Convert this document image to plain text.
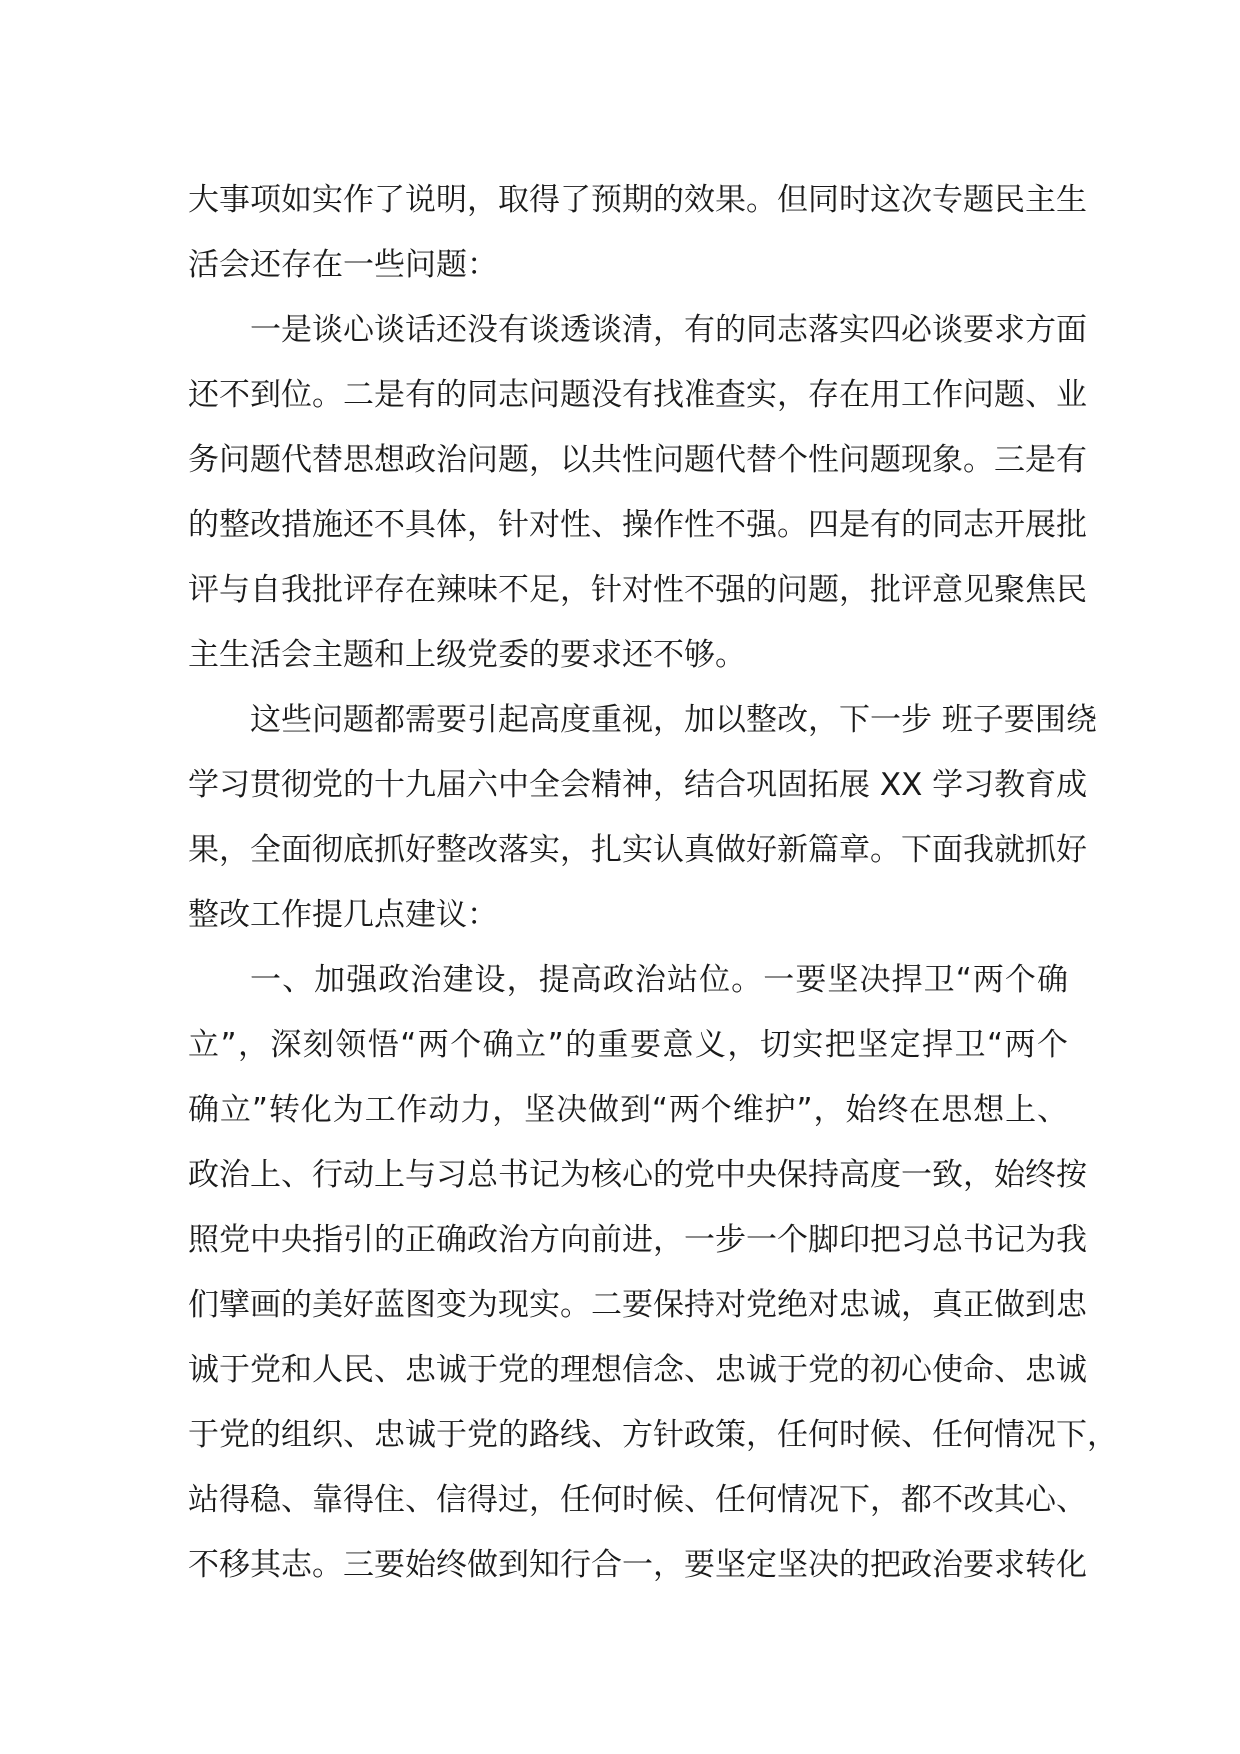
大事项如实作了说明，取得了预期的效果。但同时这次专题民主生
活会还存在一些问题：
一是谈心谈话还没有谈透谈清，有的同志落实四必谈要求方面
还不到位。二是有的同志问题没有找准查实，存在用工作问题、业
务问题代替思想政治问题，以共性问题代替个性问题现象。三是有
的整改措施还不具体，针对性、操作性不强。四是有的同志开展批
评与自我批评存在辣味不足，针对性不强的问题，批评意见聚焦民
主生活会主题和上级党委的要求还不够。
这些问题都需要引起高度重视，加以整改，下一步 班子要围绕
学习贯彻党的十九届六中全会精神，结合巩固拓展 XX 学习教育成
果，全面彻底抓好整改落实，扎实认真做好新篇章。下面我就抓好
整改工作提几点建议：
一、加强政治建设，提高政治站位。一要坚决捍卫“两个确
立”，深刻领悟“两个确立”的重要意义，切实把坚定捍卫“两个
确立”转化为工作动力，坚决做到“两个维护”，始终在思想上、
政治上、行动上与习总书记为核心的党中央保持高度一致，始终按
照党中央指引的正确政治方向前进，一步一个脚印把习总书记为我
们擘画的美好蓝图变为现实。二要保持对党绝对忠诚，真正做到忠
诚于党和人民、忠诚于党的理想信念、忠诚于党的初心使命、忠诚
于党的组织、忠诚于党的路线、方针政策，任何时候、任何情况下，
站得稳、靠得住、信得过，任何时候、任何情况下，都不改其心、
不移其志。三要始终做到知行合一，要坚定坚决的把政治要求转化
